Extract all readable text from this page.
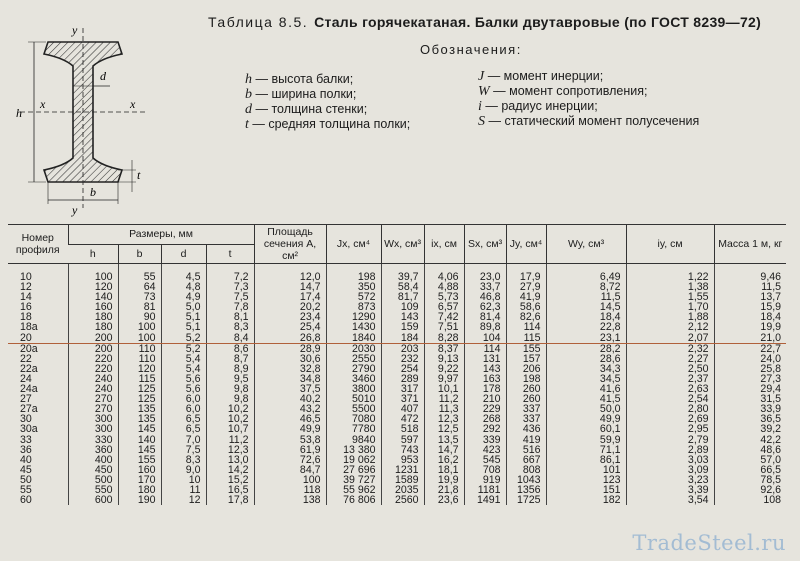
Таблица 8.5. Сталь горячекатаная. Балки двутавровые (по ГОСТ 8239—72)
Обозначения:
h — высота балки;
b — ширина полки;
d — толщина стенки;
t — средняя толщина полки;
J — момент инерции;
W — момент сопротивления;
i — радиус инерции;
S — статический момент полусечения
y
y
x	x
h
d
b
t
Номер профиля	Размеры, мм				Площадь сечения A, см²	Jx, см⁴	Wx, см³	ix, см	Sx, см³	Jy, см⁴	Wy, см³	iy, см	Масса 1 м, кг
	h	b	d	t									
10	100	55	4,5	7,2	12,0	198	39,7	4,06	23,0	17,9	6,49	1,22	9,46
12	120	64	4,8	7,3	14,7	350	58,4	4,88	33,7	27,9	8,72	1,38	11,5
14	140	73	4,9	7,5	17,4	572	81,7	5,73	46,8	41,9	11,5	1,55	13,7
16	160	81	5,0	7,8	20,2	873	109	6,57	62,3	58,6	14,5	1,70	15,9
18	180	90	5,1	8,1	23,4	1290	143	7,42	81,4	82,6	18,4	1,88	18,4
18а	180	100	5,1	8,3	25,4	1430	159	7,51	89,8	114	22,8	2,12	19,9
20	200	100	5,2	8,4	26,8	1840	184	8,28	104	115	23,1	2,07	21,0
20а	200	110	5,2	8,6	28,9	2030	203	8,37	114	155	28,2	2,32	22,7
22	220	110	5,4	8,7	30,6	2550	232	9,13	131	157	28,6	2,27	24,0
22а	220	120	5,4	8,9	32,8	2790	254	9,22	143	206	34,3	2,50	25,8
24	240	115	5,6	9,5	34,8	3460	289	9,97	163	198	34,5	2,37	27,3
24а	240	125	5,6	9,8	37,5	3800	317	10,1	178	260	41,6	2,63	29,4
27	270	125	6,0	9,8	40,2	5010	371	11,2	210	260	41,5	2,54	31,5
27а	270	135	6,0	10,2	43,2	5500	407	11,3	229	337	50,0	2,80	33,9
30	300	135	6,5	10,2	46,5	7080	472	12,3	268	337	49,9	2,69	36,5
30а	300	145	6,5	10,7	49,9	7780	518	12,5	292	436	60,1	2,95	39,2
33	330	140	7,0	11,2	53,8	9840	597	13,5	339	419	59,9	2,79	42,2
36	360	145	7,5	12,3	61,9	13 380	743	14,7	423	516	71,1	2,89	48,6
40	400	155	8,3	13,0	72,6	19 062	953	16,2	545	667	86,1	3,03	57,0
45	450	160	9,0	14,2	84,7	27 696	1231	18,1	708	808	101	3,09	66,5
50	500	170	10	15,2	100	39 727	1589	19,9	919	1043	123	3,23	78,5
55	550	180	11	16,5	118	55 962	2035	21,8	1181	1356	151	3,39	92,6
60	600	190	12	17,8	138	76 806	2560	23,6	1491	1725	182	3,54	108
TradeSteel.ru
